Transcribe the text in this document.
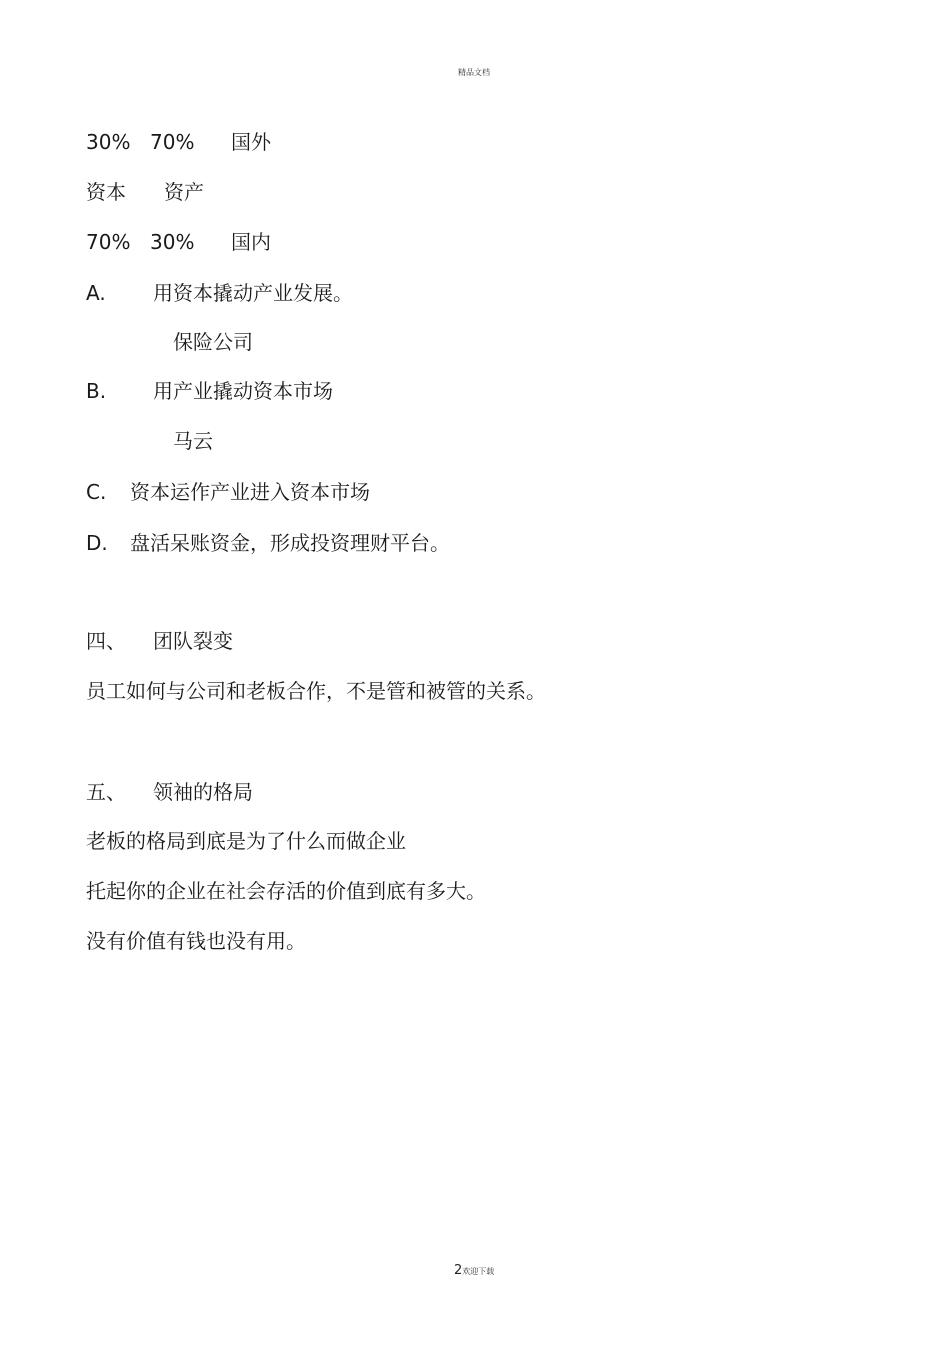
精品文档
30% 70% 国外
资本 资产
70% 30% 国内
A. 用资本撬动产业发展。
保险公司
B. 用产业撬动资本市场
马云
C. 资本运作产业进入资本市场
D. 盘活呆账资金，形成投资理财平台。
四、 团队裂变
员工如何与公司和老板合作，不是管和被管的关系。
五、 领袖的格局
老板的格局到底是为了什么而做企业
托起你的企业在社会存活的价值到底有多大。
没有价值有钱也没有用。
2欢迎下载
